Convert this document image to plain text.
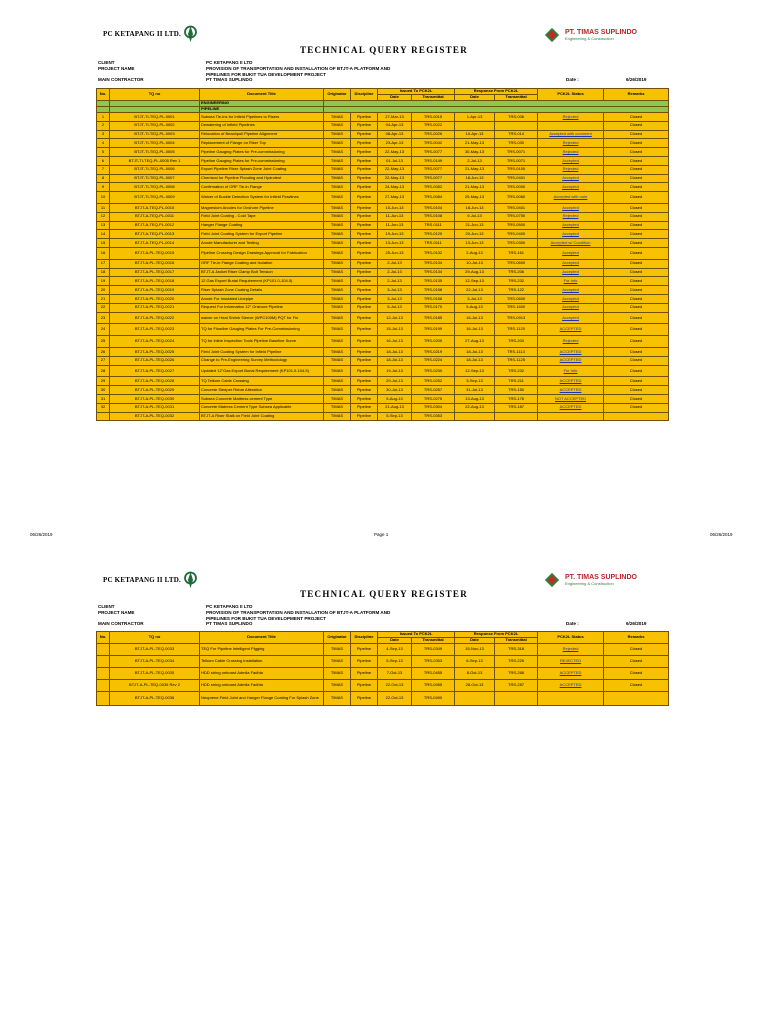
PC KETAPANG II LTD.	PT. TIMAS SUPLINDO
Engineering & Construction
TECHNICAL QUERY REGISTER
CLIENT
PROJECT NAME
MAIN CONTRACTOR
PC KETAPANG II LTD
PROVISION OF TRANSPORTATION AND INSTALLATION OF BTJT-A PLATFORM AND
PIPELINES FOR BUKIT TUA DEVELOPMENT PROJECT
PT TIMAS SUPLINDO	Date :	6/26/2019
No.	TQ no	Document Title	Originator	Discipline	Issued To PCK2L		Response From PCK2L		PCK2L Status	Remarks
					Date	Transmittal	Date	Transmittal		
		ENGINEERING								
		PIPELINE								
1	BTJT-TI-TEQ-PL-0001	Subsea Tie-ins for Infield Pipelines to Risers	TIMAS	Pipeline	27-Mar-13	TRS-0015	1-Apr-13	TRS-006	Rejected	Closed
2	BTJT-TI-TEQ-PL-0002	Dewatering of Infield Pipelines	TIMAS	Pipeline	04-Apr-13	TRS-0022				Closed
3	BTJT-TI-TEQ-PL-0003	Relocation of Beachpull Pipeline Alignment	TIMAS	Pipeline	08-Apr-13	TRS-0026	10-Apr-13	TRS-014	Accepted with comment	Closed
4	BTJT-TI-TEQ-PL-0004	Replacement of Flange on Riser Top	TIMAS	Pipeline	23-Apr-13	TRS-0042	21-May-13	TRS-030	Rejected	Closed
5	BTJT-TI-TEQ-PL-0005	Pipeline Gauging Plates for Pre-commissioning	TIMAS	Pipeline	22-May-13	TRS-0077	30-May-13	TRS-0071	Rejected	Closed
6	BTJT-TI-TEQ-PL-0005 Rev 1	Pipeline Gauging Plates for Pre-commissioning	TIMAS	Pipeline	01-Jul-13	TRS-0149	2-Jul-13	TRS-0071	Accepted	Closed
7	BTJT-TI-TEQ-PL-0006	Export Pipeline Riser Splash Zone Joint Coating	TIMAS	Pipeline	22-May-13	TRS-0077	21-May-13	TRS-0100	Rejected	Closed
8	BTJT-TI-TEQ-PL-0007	Chemical for Pipeline Flooding and Hydrotest	TIMAS	Pipeline	22-May-13	TRS-0077	18-Jun-13	TRS-0401	Accepted	Closed
9	BTJT-TI-TEQ-PL-0008	Confirmation of ORF Tie-in Flange	TIMAS	Pipeline	24-May-13	TRS-0082	21-May-13	TRS-0000	Accepted	Closed
10	BTJT-TI-TEQ-PL-0009	Waiver of Buckle Detection System for Infield Flowlines	TIMAS	Pipeline	27-May-13	TRS-0084	29-May-13	TRS-0060	Accepted with note	Closed
11	BTJT-A-TEQ-PL-0010	Magnesium Anodes for Onshore Pipeline	TIMAS	Pipeline	10-Jun-13	TRS-0104	18-Jun-13	TRS-0401	Accepted	Closed
12	BTJT-A-TEQ-PL-0011	Field Joint Coating - Cold Tape	TIMAS	Pipeline	11-Jun-13	TRS-0108	9-Jul-13	TRS-0750	Rejected	Closed
13	BTJT-A-TEQ-PL-0012	Hanger Flange Coating	TIMAS	Pipeline	11-Jun-13	TRS-0111	21-Jun-13	TRS-0500	Accepted	Closed
14	BTJT-A-TEQ-PL-0013	Field Joint Coating System for Export Pipeline	TIMAS	Pipeline	19-Jun-13	TRS-0120	20-Jun-13	TRS-0400	Accepted	Closed
15	BTJT-A-TEQ-PL-0014	Anode Manufacturer and Testing	TIMAS	Pipeline	13-Jun-13	TRS-0111	13-Jun-13	TRS-0300	Accepted w/ Condition	Closed
16	BTJT-A-PL-TEQ-0015	Pipeline Crossing Design Drawings Approval for Fabrication	TIMAS	Pipeline	25-Jun-13	TRS-0132	2-Aug-13	TRS-161	Accepted	Closed
17	BTJT-A-PL-TEQ-0016	ORF Tie-in Flange Coating and Isolation	TIMAS	Pipeline	2-Jul-13	TRS-0134	10-Jul-13	TRS-0600	Accepted	Closed
18	BTJT-A-PL-TEQ-0017	BTJT-A Jacket Riser Clamp Bolt Tension	TIMAS	Pipeline	2-Jul-13	TRS-0134	29-Aug-13	TRS-206	Accepted	Closed
19	BTJT-A-PL-TEQ-0018	12 Gas Export Burial Requirement (KP101.0-104.5)	TIMAS	Pipeline	2-Jul-13	TRS-0135	12-Sep-13	TRS-232	For Info	Closed
20	BTJT-A-PL-TEQ-0019	Riser Splash Zone Coating Details	TIMAS	Pipeline	3-Jul-13	TRS-0158	22-Jul-13	TRS-122	Accepted	Closed
21	BTJT-A-PL-TEQ-0020	Anode For Insulated Linepipe	TIMAS	Pipeline	3-Jul-13	TRS-0158	3-Jul-13	TRS-0600	Accepted	Closed
22	BTJT-A-PL-TEQ-0021	Request For Information 12" Onshore Pipeline	TIMAS	Pipeline	5-Jul-13	TRS-0170	5-Aug-13	TRS-1600	Accepted	Closed
23	BTJT-A-PL-TEQ-0022	waiver on Heat Shrink Sleeve (WPC100M) PQT for Fie	TIMAS	Pipeline	12-Jul-13	TRS-0185	16-Jul-13	TRS-0913	Accepted	Closed
24	BTJT-A-PL-TEQ-0023	TQ for Flowline Gauging Plates For Pre-Commissioning	TIMAS	Pipeline	15-Jul-13	TRS-0199	16-Jul-13	TRS-1120	ACCEPTED	Closed
25	BTJT-A-PL-TEQ-0024	TQ for Inline Inspection Tools Pipeline Baseline Surve	TIMAS	Pipeline	16-Jul-13	TRS-0200	27-Aug-13	TRS-200	Rejected	Closed
26	BTJT-A-PL-TEQ-0025	Field Joint Coating System for Infield Pipeline	TIMAS	Pipeline	18-Jul-13	TRS-0219	18-Jul-13	TRS-1113	ACCEPTED	Closed
27	BTJT-A-PL-TEQ-0026	Change to Pre-Engineering Survey Methodology	TIMAS	Pipeline	18-Jul-13	TRS-0224	18-Jul-13	TRS-1125	ACCEPTED	Closed
28	BTJT-A-PL-TEQ-0027	Updated 12"Gas Export Burial Requirement (KP101.0-104.5)	TIMAS	Pipeline	19-Jul-13	TRS-0230	12-Sep-13	TRS-232	For Info	Closed
29	BTJT-A-PL-TEQ-0028	TQ Telkom Cable Crossing	TIMAS	Pipeline	29-Jul-13	TRS-0252	3-Sep-13	TRS-211	ACCEPTED	Closed
30	BTJT-A-PL-TEQ-0029	Concrete Sleeper Rebar Alteration	TIMAS	Pipeline	30-Jul-13	TRS-0257	31-Jul-13	TRS-150	ACCEPTED	Closed
31	BTJT-A-PL-TEQ-0030	Subsea Concrete Mattress cement Type	TIMAS	Pipeline	5-Aug-13	TRS-0275	13-Aug-13	TRS-176	NOT ACCEPTED	Closed
32	BTJT-A-PL-TEQ-0031	Concrete Matress Cement Type Subsea Applicable	TIMAS	Pipeline	21-Aug-13	TRS-0304	22-Aug-13	TRS-187	ACCEPTED	Closed
	BTJT-A-PL-TEQ-0032	BTJT-A Riser Stalk on Field Joint Coating	TIMAS	Pipeline	5-Sep-13	TRS-0353				
06/26/2019	Page 1	06/26/2019
PC KETAPANG II LTD.	PT. TIMAS SUPLINDO
Engineering & Construction
TECHNICAL QUERY REGISTER
CLIENT
PROJECT NAME
MAIN CONTRACTOR
PC KETAPANG II LTD
PROVISION OF TRANSPORTATION AND INSTALLATION OF BTJT-A PLATFORM AND
PIPELINES FOR BUKIT TUA DEVELOPMENT PROJECT
PT TIMAS SUPLINDO	Date :	6/26/2019
No.	TQ no	Document Title	Originator	Discipline	Issued To PCK2L		Response From PCK2L		PCK2L Status	Remarks
					Date	Transmittal	Date	Transmittal		
	BTJT-A-PL-TEQ-0033	TEQ For Pipeline Intelligent Pigging	TIMAS	Pipeline	4-Sep-13	TRS-0349	15-Nov-13	TRS-318	Rejected	Closed
	BTJT-A-PL-TEQ-0034	Telkom Cable Crossing Installation	TIMAS	Pipeline	5-Sep-13	TRS-0353	6-Sep-13	TRS-226	REJECTED	Closed
	BTJT-A-PL-TEQ-0035	HDD string onboard Admila Fadhla	TIMAS	Pipeline	7-Oct-13	TRS-0455	8-Oct-13	TRS-268	ACCEPTED	Closed
	BTJT-A-PL-TEQ-0035 Rev 2	HDD string onboard Admila Fadhla	TIMAS	Pipeline	22-Oct-13	TRS-0455	28-Oct-13	TRS-287	ACCEPTED	Closed
	BTJT-A-PL-TEQ-0036	Neoprene Field Joint and Hanger Flange Coating For Splash Zone	TIMAS	Pipeline	22-Oct-13	TRS-0490				
